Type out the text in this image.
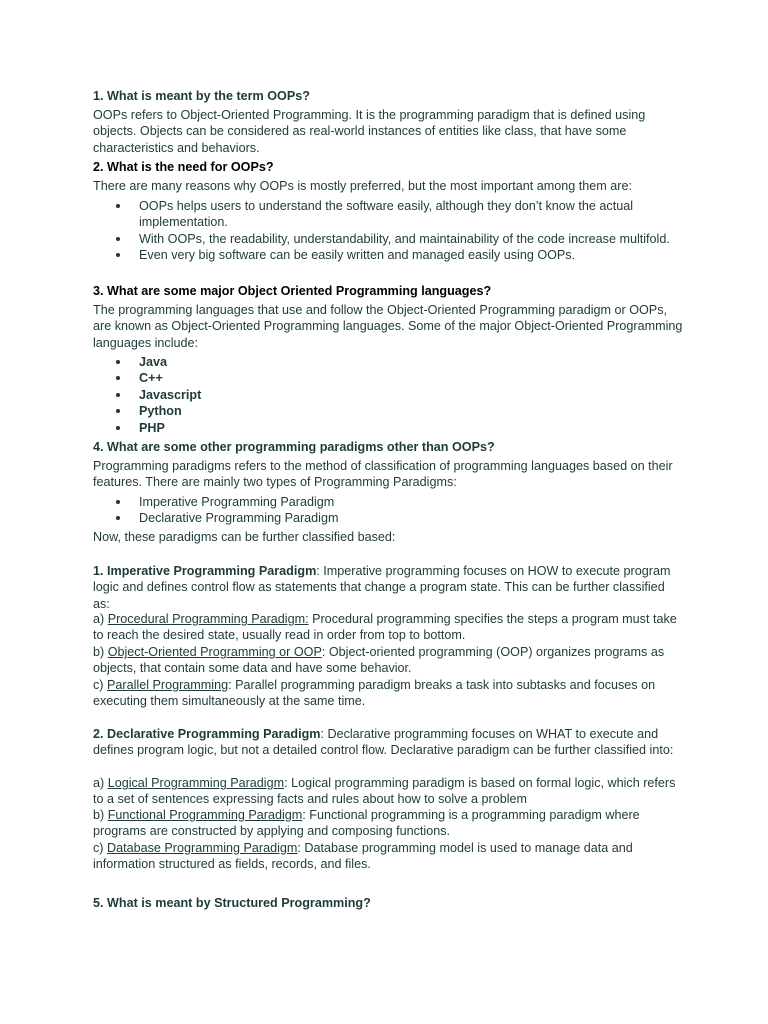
1. What is meant by the term OOPs?

OOPs refers to Object-Oriented Programming. It is the programming paradigm that is defined using objects. Objects can be considered as real-world instances of entities like class, that have some characteristics and behaviors.

2. What is the need for OOPs?

There are many reasons why OOPs is mostly preferred, but the most important among them are:

OOPs helps users to understand the software easily, although they don’t know the actual implementation.
With OOPs, the readability, understandability, and maintainability of the code increase multifold.
Even very big software can be easily written and managed easily using OOPs.

3. What are some major Object Oriented Programming languages?

The programming languages that use and follow the Object-Oriented Programming paradigm or OOPs, are known as Object-Oriented Programming languages. Some of the major Object-Oriented Programming languages include:

Java
C++
Javascript
Python
PHP

4. What are some other programming paradigms other than OOPs?

Programming paradigms refers to the method of classification of programming languages based on their features. There are mainly two types of Programming Paradigms:

Imperative Programming Paradigm
Declarative Programming Paradigm

Now, these paradigms can be further classified based:

1. Imperative Programming Paradigm: Imperative programming focuses on HOW to execute program logic and defines control flow as statements that change a program state. This can be further classified as:

a) Procedural Programming Paradigm: Procedural programming specifies the steps a program must take to reach the desired state, usually read in order from top to bottom.

b) Object-Oriented Programming or OOP: Object-oriented programming (OOP) organizes programs as objects, that contain some data and have some behavior.

c) Parallel Programming: Parallel programming paradigm breaks a task into subtasks and focuses on executing them simultaneously at the same time.

2. Declarative Programming Paradigm: Declarative programming focuses on WHAT to execute and defines program logic, but not a detailed control flow. Declarative paradigm can be further classified into:

a) Logical Programming Paradigm: Logical programming paradigm is based on formal logic, which refers to a set of sentences expressing facts and rules about how to solve a problem

b) Functional Programming Paradigm: Functional programming is a programming paradigm where programs are constructed by applying and composing functions.

c) Database Programming Paradigm: Database programming model is used to manage data and information structured as fields, records, and files.

5. What is meant by Structured Programming?
